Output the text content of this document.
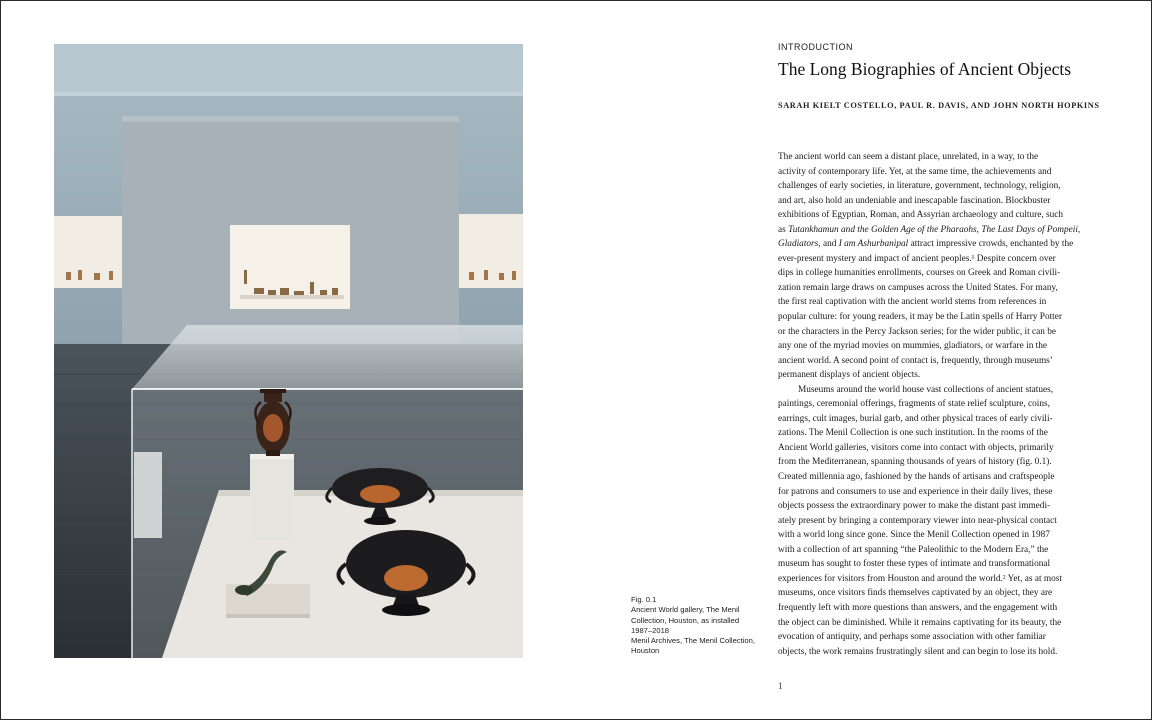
Fig. 0.1
Ancient World gallery, The Menil
Collection, Houston, as installed
1987–2018
Menil Archives, The Menil Collection,
Houston
INTRODUCTION
The Long Biographies of Ancient Objects
SARAH KIELT COSTELLO, PAUL R. DAVIS, AND JOHN NORTH HOPKINS
The ancient world can seem a distant place, unrelated, in a way, to the
activity of contemporary life. Yet, at the same time, the achievements and
challenges of early societies, in literature, government, technology, religion,
and art, also hold an undeniable and inescapable fascination. Blockbuster
exhibitions of Egyptian, Roman, and Assyrian archaeology and culture, such
as Tutankhamun and the Golden Age of the Pharaohs, The Last Days of Pompeii,
Gladiators, and I am Ashurbanipal attract impressive crowds, enchanted by the
ever-present mystery and impact of ancient peoples.¹ Despite concern over
dips in college humanities enrollments, courses on Greek and Roman civili-
zation remain large draws on campuses across the United States. For many,
the first real captivation with the ancient world stems from references in
popular culture: for young readers, it may be the Latin spells of Harry Potter
or the characters in the Percy Jackson series; for the wider public, it can be
any one of the myriad movies on mummies, gladiators, or warfare in the
ancient world. A second point of contact is, frequently, through museums’
permanent displays of ancient objects.
Museums around the world house vast collections of ancient statues,
paintings, ceremonial offerings, fragments of state relief sculpture, coins,
earrings, cult images, burial garb, and other physical traces of early civili-
zations. The Menil Collection is one such institution. In the rooms of the
Ancient World galleries, visitors come into contact with objects, primarily
from the Mediterranean, spanning thousands of years of history (fig. 0.1).
Created millennia ago, fashioned by the hands of artisans and craftspeople
for patrons and consumers to use and experience in their daily lives, these
objects possess the extraordinary power to make the distant past immedi-
ately present by bringing a contemporary viewer into near-physical contact
with a world long since gone. Since the Menil Collection opened in 1987
with a collection of art spanning “the Paleolithic to the Modern Era,” the
museum has sought to foster these types of intimate and transformational
experiences for visitors from Houston and around the world.² Yet, as at most
museums, once visitors finds themselves captivated by an object, they are
frequently left with more questions than answers, and the engagement with
the object can be diminished. While it remains captivating for its beauty, the
evocation of antiquity, and perhaps some association with other familiar
objects, the work remains frustratingly silent and can begin to lose its hold.
1
